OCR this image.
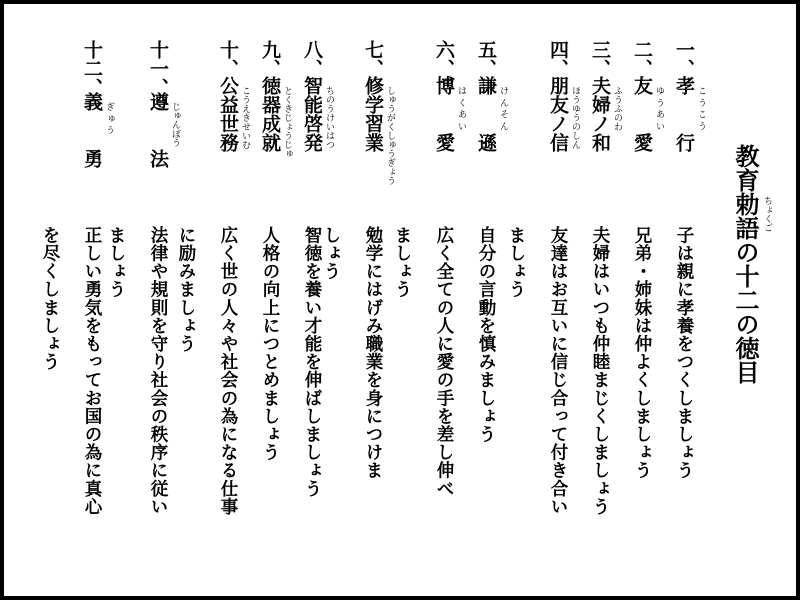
教育勅語の十二の徳目 ちょくご
一、
孝　　行 こ う こ う
子は親に孝養をつくしましょう
二、
友　　愛 ゆ う あ い
兄弟・姉妹は仲よくしましょう
三、
夫婦ノ和 ふうふのわ
夫婦はいつも仲睦まじくしましょう
四、
朋友ノ信 ほうゆうのしん
友達はお互いに信じ合って付き合い
ましょう
五、
謙　　遜 け ん そ ん
自分の言動を慎みましょう
六、
博　　愛 は く あ い
広く全ての人に愛の手を差し伸べ
ましょう
七、
修学習業 しゅうがくしゅうぎょう
勉学にはげみ職業を身につけま
しょう
八、
智能啓発 ちのうけいはつ
智徳を養い才能を伸ばしましょう
九、
徳器成就 とくきじょうじゅ
人格の向上につとめましょう
十、
公益世務 こうえきせいむ
広く世の人々や社会の為になる仕事
に励みましょう
十一、
遵　　法 じゅんぽう
法律や規則を守り社会の秩序に従い
ましょう
十二、
義　　勇 ぎ ゅ う
正しい勇気をもってお国の為に真心
を尽くしましょう
